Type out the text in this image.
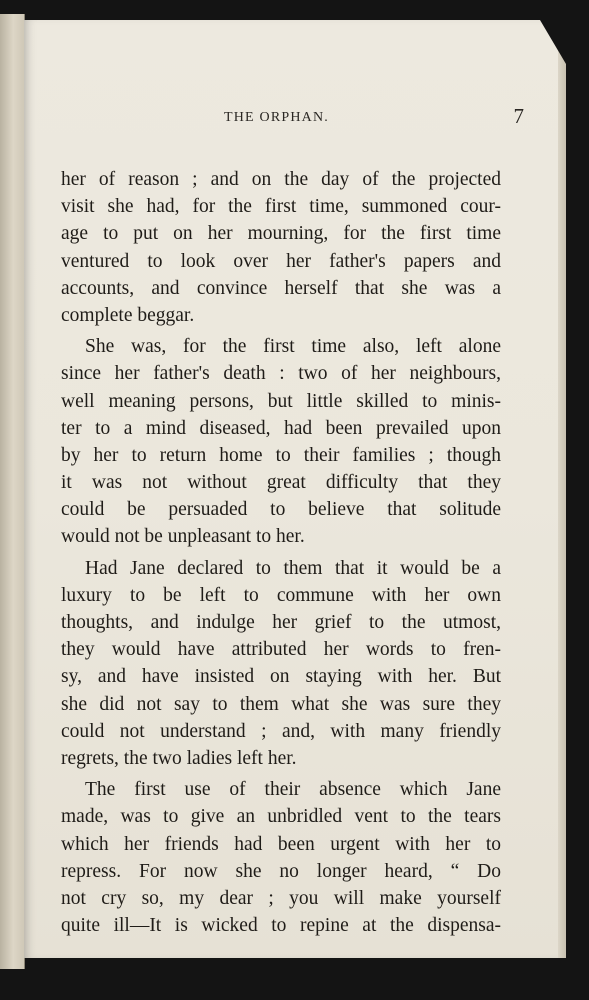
THE ORPHAN.	7
her of reason ; and on the day of the projected
visit she had, for the first time, summoned cour-
age to put on her mourning, for the first time
ventured to look over her father's papers and
accounts, and convince herself that she was a
complete beggar.
She was, for the first time also, left alone
since her father's death : two of her neighbours,
well meaning persons, but little skilled to minis-
ter to a mind diseased, had been prevailed upon
by her to return home to their families ; though
it was not without great difficulty that they
could be persuaded to believe that solitude
would not be unpleasant to her.
Had Jane declared to them that it would be a
luxury to be left to commune with her own
thoughts, and indulge her grief to the utmost,
they would have attributed her words to fren-
sy, and have insisted on staying with her. But
she did not say to them what she was sure they
could not understand ; and, with many friendly
regrets, the two ladies left her.
The first use of their absence which Jane
made, was to give an unbridled vent to the tears
which her friends had been urgent with her to
repress. For now she no longer heard, “ Do
not cry so, my dear ; you will make yourself
quite ill—It is wicked to repine at the dispensa-
